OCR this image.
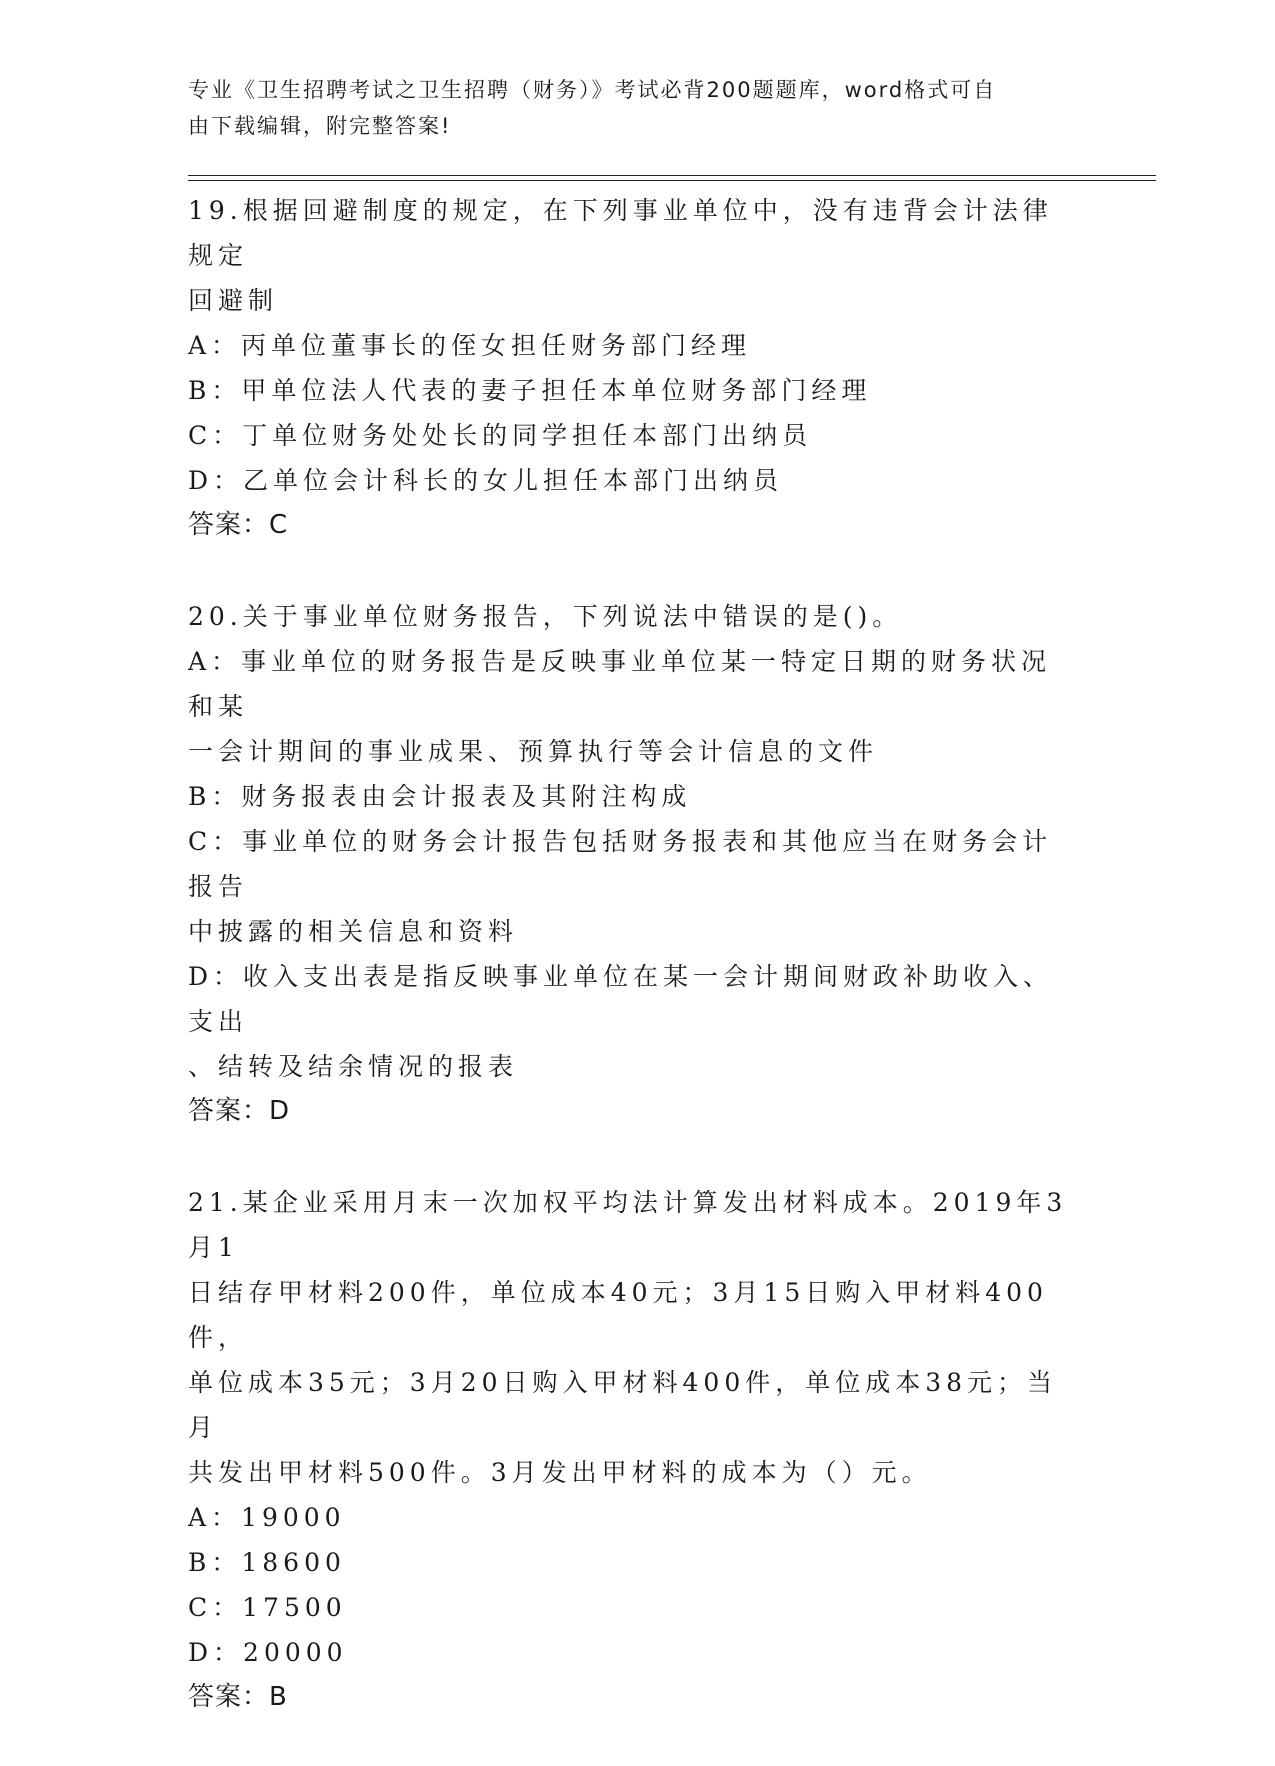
专业《卫生招聘考试之卫生招聘（财务）》考试必背200题题库，word格式可自
由下载编辑，附完整答案!

19.根据回避制度的规定，在下列事业单位中，没有违背会计法律规定

回避制

A：丙单位董事长的侄女担任财务部门经理

B：甲单位法人代表的妻子担任本单位财务部门经理

C：丁单位财务处处长的同学担任本部门出纳员

D：乙单位会计科长的女儿担任本部门出纳员

答案：C

20.关于事业单位财务报告，下列说法中错误的是()。

A：事业单位的财务报告是反映事业单位某一特定日期的财务状况和某

一会计期间的事业成果、预算执行等会计信息的文件

B：财务报表由会计报表及其附注构成

C：事业单位的财务会计报告包括财务报表和其他应当在财务会计报告

中披露的相关信息和资料

D：收入支出表是指反映事业单位在某一会计期间财政补助收入、支出

、结转及结余情况的报表

答案：D

21.某企业采用月末一次加权平均法计算发出材料成本。2019年3月1

日结存甲材料200件，单位成本40元；3月15日购入甲材料400件，

单位成本35元；3月20日购入甲材料400件，单位成本38元；当月

共发出甲材料500件。3月发出甲材料的成本为（）元。

A：19000

B：18600

C：17500

D：20000

答案：B
